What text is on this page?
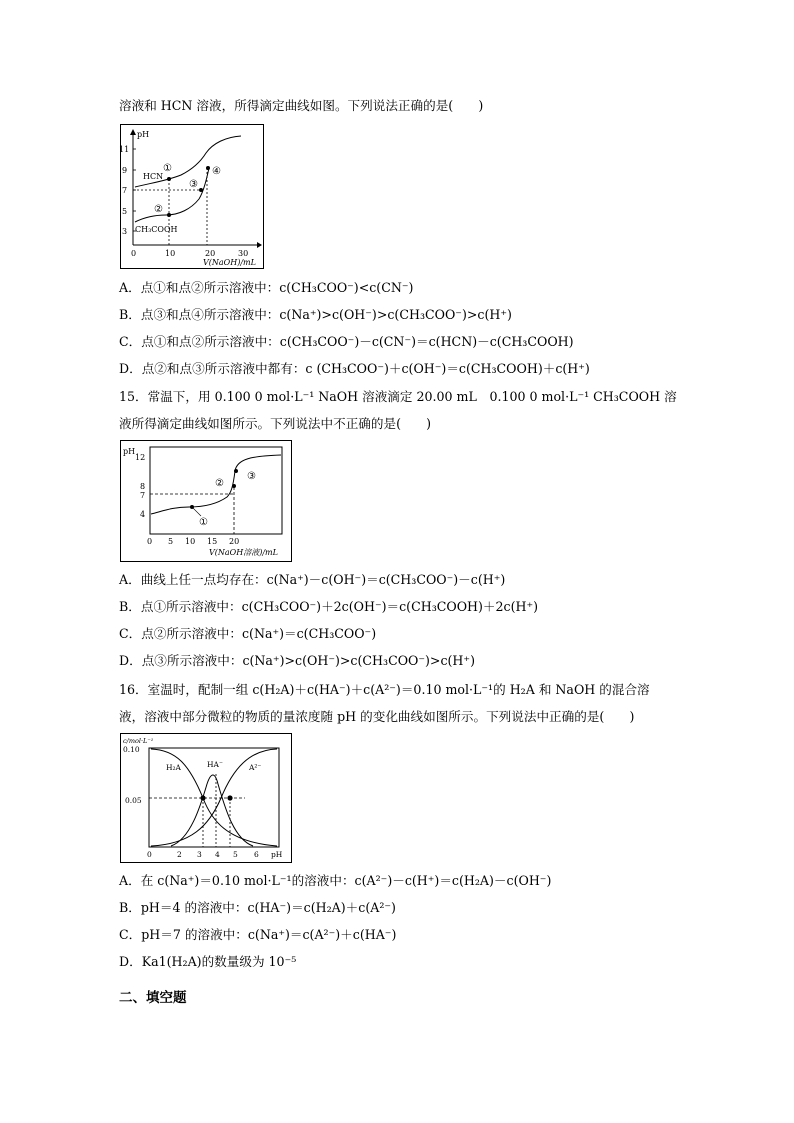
溶液和 HCN 溶液，所得滴定曲线如图。下列说法正确的是(　　)
pH
3
5
7
9
11
0	10	20	30
V(NaOH)/mL
HCN
CH₃COOH
①
②
③
④
A．点①和点②所示溶液中：c(CH₃COO⁻)<c(CN⁻)
B．点③和点④所示溶液中：c(Na⁺)>c(OH⁻)>c(CH₃COO⁻)>c(H⁺)
C．点①和点②所示溶液中：c(CH₃COO⁻)－c(CN⁻)＝c(HCN)－c(CH₃COOH)
D．点②和点③所示溶液中都有：c (CH₃COO⁻)＋c(OH⁻)＝c(CH₃COOH)＋c(H⁺)
15．常温下，用 0.100 0 mol·L⁻¹ NaOH 溶液滴定 20.00 mL　0.100 0 mol·L⁻¹ CH₃COOH 溶
液所得滴定曲线如图所示。下列说法中不正确的是(　　)
pH
4
7
8
12
0 5 10 15 20
V(NaOH溶液)/mL
①
②
③
A．曲线上任一点均存在：c(Na⁺)－c(OH⁻)＝c(CH₃COO⁻)－c(H⁺)
B．点①所示溶液中：c(CH₃COO⁻)＋2c(OH⁻)＝c(CH₃COOH)＋2c(H⁺)
C．点②所示溶液中：c(Na⁺)＝c(CH₃COO⁻)
D．点③所示溶液中：c(Na⁺)>c(OH⁻)>c(CH₃COO⁻)>c(H⁺)
16．室温时，配制一组 c(H₂A)＋c(HA⁻)＋c(A²⁻)＝0.10 mol·L⁻¹的 H₂A 和 NaOH 的混合溶
液，溶液中部分微粒的物质的量浓度随 pH 的变化曲线如图所示。下列说法中正确的是(　　)
c/mol·L⁻¹
0.10
0.05
0	2 3 4 5 6 pH
H₂A	HA⁻	A²⁻
A．在 c(Na⁺)＝0.10 mol·L⁻¹的溶液中：c(A²⁻)－c(H⁺)＝c(H₂A)－c(OH⁻)
B．pH＝4 的溶液中：c(HA⁻)＝c(H₂A)＋c(A²⁻)
C．pH＝7 的溶液中：c(Na⁺)＝c(A²⁻)＋c(HA⁻)
D．Ka1(H₂A)的数量级为 10⁻⁵
二、填空题
